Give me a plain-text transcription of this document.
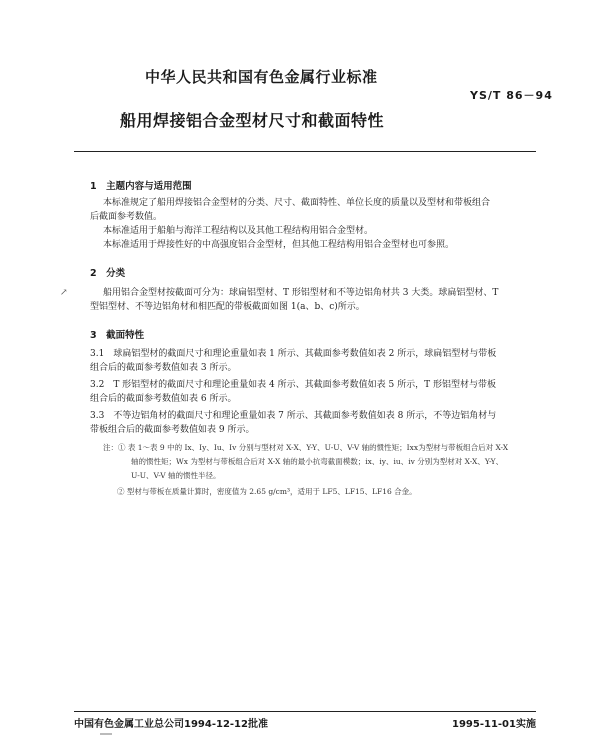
中华人民共和国有色金属行业标准
YS/T 86－94
船用焊接铝合金型材尺寸和截面特性
1　主题内容与适用范围
本标准规定了船用焊接铝合金型材的分类、尺寸、截面特性、单位长度的质量以及型材和带板组合
后截面参考数值。
本标准适用于船舶与海洋工程结构以及其他工程结构用铝合金型材。
本标准适用于焊接性好的中高强度铝合金型材，但其他工程结构用铝合金型材也可参照。
2　分类
↗	船用铝合金型材按截面可分为：球扁铝型材、T 形铝型材和不等边铝角材共 3 大类。球扁铝型材、T
型铝型材、不等边铝角材和相匹配的带板截面如图 1(a、b、c)所示。
3　截面特性
3.1　球扁铝型材的截面尺寸和理论重量如表 1 所示、其截面参考数值如表 2 所示，球扁铝型材与带板
组合后的截面参考数值如表 3 所示。
3.2　T 形铝型材的截面尺寸和理论重量如表 4 所示、其截面参考数值如表 5 所示，T 形铝型材与带板
组合后的截面参考数值如表 6 所示。
3.3　不等边铝角材的截面尺寸和理论重量如表 7 所示、其截面参考数值如表 8 所示，不等边铝角材与
带板组合后的截面参考数值如表 9 所示。
注：① 表 1～表 9 中的 Ix、Iy、Iu、Iv 分别与型材对 X-X、Y-Y、U-U、V-V 轴的惯性矩；Ixx为型材与带板组合后对 X-X
轴的惯性矩；Wx 为型材与带板组合后对 X-X 轴的最小抗弯截面模数；ix、iy、iu、iv 分别为型材对 X-X、Y-Y、
U-U、V-V 轴的惯性半径。
② 型材与带板在质量计算时，密度值为 2.65 g/cm³，适用于 LF5、LF15、LF16 合金。
中国有色金属工业总公司1994-12-12批准	1995-11-01实施
